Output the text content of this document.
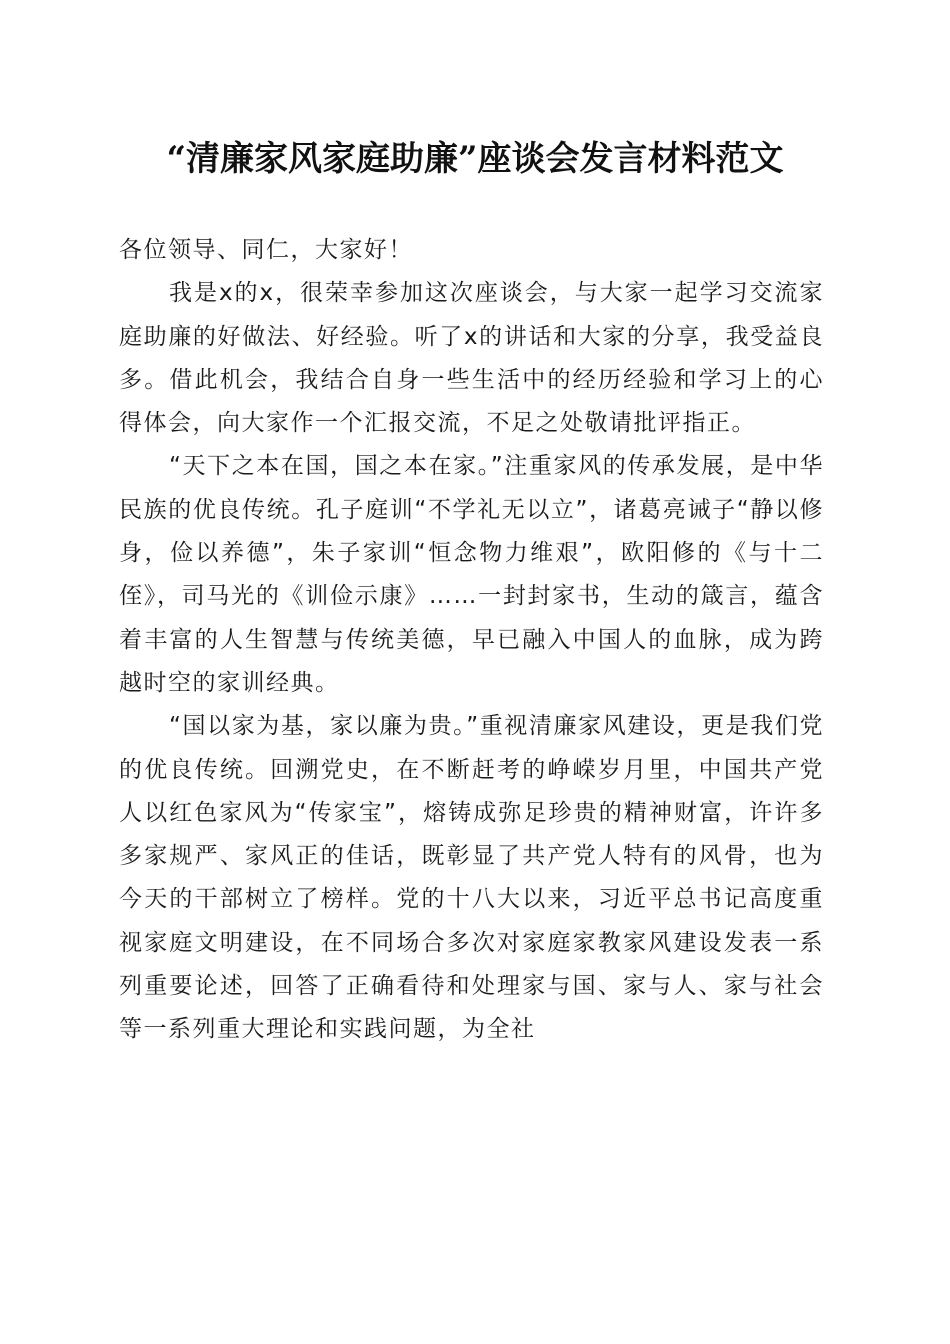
“清廉家风家庭助廉”座谈会发言材料范文

各位领导、同仁，大家好！

我是x的x，很荣幸参加这次座谈会，与大家一起学习交流家庭助廉的好做法、好经验。听了x的讲话和大家的分享，我受益良多。借此机会，我结合自身一些生活中的经历经验和学习上的心得体会，向大家作一个汇报交流，不足之处敬请批评指正。

“天下之本在国，国之本在家。”注重家风的传承发展，是中华民族的优良传统。孔子庭训“不学礼无以立”，诸葛亮诫子“静以修身，俭以养德”，朱子家训“恒念物力维艰”，欧阳修的《与十二侄》，司马光的《训俭示康》……一封封家书，生动的箴言，蕴含着丰富的人生智慧与传统美德，早已融入中国人的血脉，成为跨越时空的家训经典。

“国以家为基，家以廉为贵。”重视清廉家风建设，更是我们党的优良传统。回溯党史，在不断赶考的峥嵘岁月里，中国共产党人以红色家风为“传家宝”，熔铸成弥足珍贵的精神财富，许许多多家规严、家风正的佳话，既彰显了共产党人特有的风骨，也为今天的干部树立了榜样。党的十八大以来，习近平总书记高度重视家庭文明建设，在不同场合多次对家庭家教家风建设发表一系列重要论述，回答了正确看待和处理家与国、家与人、家与社会等一系列重大理论和实践问题，为全社
